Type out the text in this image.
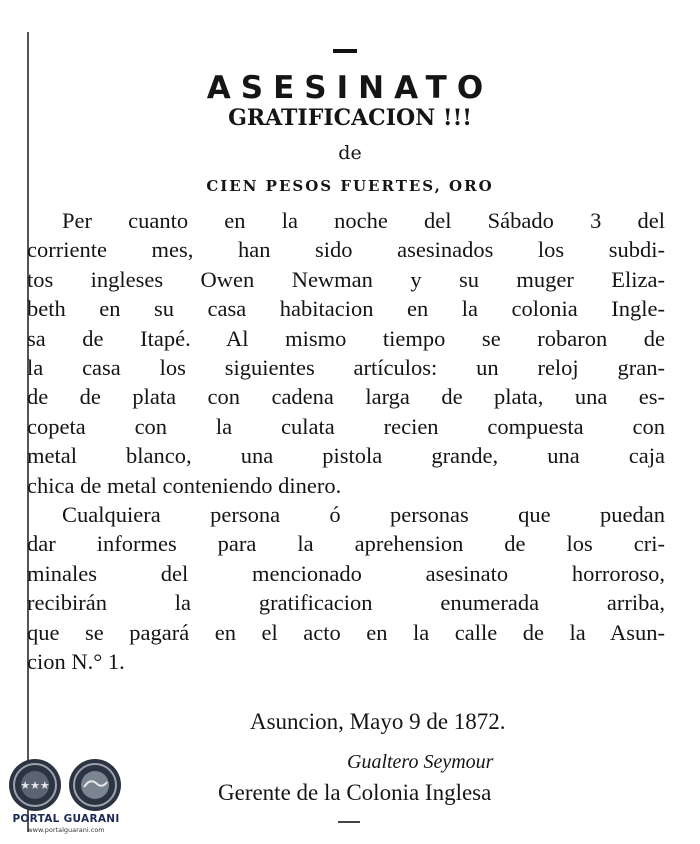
ASESINATO
GRATIFICACION !!!
de
CIEN PESOS FUERTES, ORO
Per cuanto en la noche del Sábado 3 del
corriente mes, han sido asesinados los subdi-
tos ingleses Owen Newman y su muger Eliza-
beth en su casa habitacion en la colonia Ingle-
sa de Itapé. Al mismo tiempo se robaron de
la casa los siguientes artículos: un reloj gran-
de de plata con cadena larga de plata, una es-
copeta con la culata recien compuesta con
metal blanco, una pistola grande, una caja
chica de metal conteniendo dinero.
Cualquiera persona ó personas que puedan
dar informes para la aprehension de los cri-
minales del mencionado asesinato horroroso,
recibirán la gratificacion enumerada arriba,
que se pagará en el acto en la calle de la Asun-
cion N.° 1.
Asuncion, Mayo 9 de 1872.
Gualtero Seymour
Gerente de la Colonia Inglesa
★★★
PORTAL GUARANI
www.portalguarani.com
